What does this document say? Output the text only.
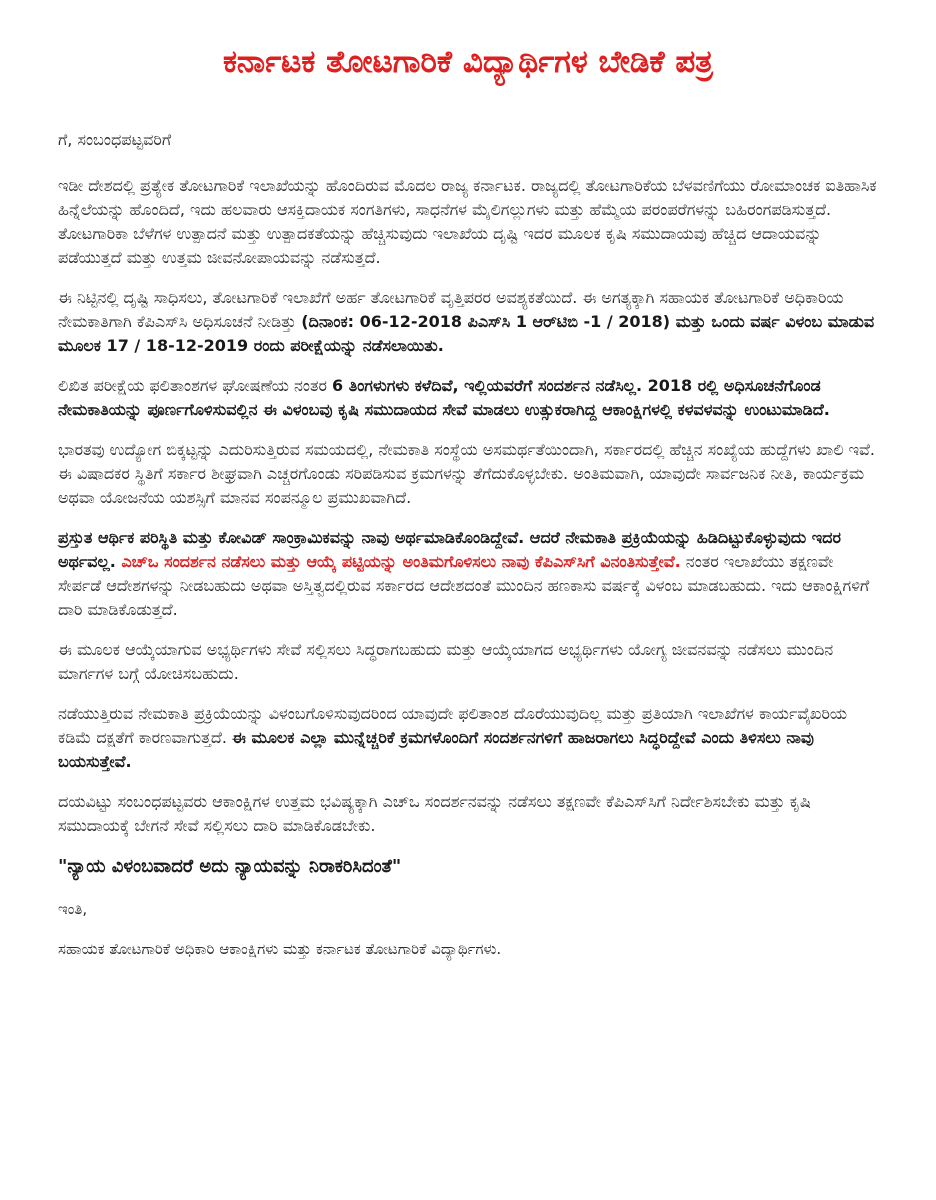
ಕರ್ನಾಟಕ ತೋಟಗಾರಿಕೆ ವಿದ್ಯಾರ್ಥಿಗಳ ಬೇಡಿಕೆ ಪತ್ರ
ಗೆ, ಸಂಬಂಧಪಟ್ಟವರಿಗೆ

ಇಡೀ ದೇಶದಲ್ಲಿ ಪ್ರತ್ಯೇಕ ತೋಟಗಾರಿಕೆ ಇಲಾಖೆಯನ್ನು ಹೊಂದಿರುವ ಮೊದಲ ರಾಜ್ಯ ಕರ್ನಾಟಕ. ರಾಜ್ಯದಲ್ಲಿ ತೋಟಗಾರಿಕೆಯ ಬೆಳವಣಿಗೆಯು ರೋಮಾಂಚಕ ಐತಿಹಾಸಿಕ ಹಿನ್ನೆಲೆಯನ್ನು ಹೊಂದಿದೆ, ಇದು ಹಲವಾರು ಆಸಕ್ತಿದಾಯಕ ಸಂಗತಿಗಳು, ಸಾಧನೆಗಳ ಮೈಲಿಗಲ್ಲುಗಳು ಮತ್ತು ಹೆಮ್ಮೆಯ ಪರಂಪರೆಗಳನ್ನು ಬಹಿರಂಗಪಡಿಸುತ್ತದೆ. ತೋಟಗಾರಿಕಾ ಬೆಳೆಗಳ ಉತ್ಪಾದನೆ ಮತ್ತು ಉತ್ಪಾದಕತೆಯನ್ನು ಹೆಚ್ಚಿಸುವುದು ಇಲಾಖೆಯ ದೃಷ್ಟಿ ಇದರ ಮೂಲಕ ಕೃಷಿ ಸಮುದಾಯವು ಹೆಚ್ಚಿದ ಆದಾಯವನ್ನು ಪಡೆಯುತ್ತದೆ ಮತ್ತು ಉತ್ತಮ ಜೀವನೋಪಾಯವನ್ನು ನಡೆಸುತ್ತದೆ.

ಈ ನಿಟ್ಟಿನಲ್ಲಿ ದೃಷ್ಟಿ ಸಾಧಿಸಲು, ತೋಟಗಾರಿಕೆ ಇಲಾಖೆಗೆ ಅರ್ಹ ತೋಟಗಾರಿಕೆ ವೃತ್ತಿಪರರ ಅವಶ್ಯಕತೆಯಿದೆ. ಈ ಅಗತ್ಯಕ್ಕಾಗಿ ಸಹಾಯಕ ತೋಟಗಾರಿಕೆ ಅಧಿಕಾರಿಯ ನೇಮಕಾತಿಗಾಗಿ ಕೆಪಿಎಸ್‌ಸಿ ಅಧಿಸೂಚನೆ ನೀಡಿತ್ತು (ದಿನಾಂಕ: 06-12-2018 ಪಿಎಸ್‌ಸಿ 1 ಆರ್‌ಟಿಬಿ -1 / 2018) ಮತ್ತು ಒಂದು ವರ್ಷ ವಿಳಂಬ ಮಾಡುವ ಮೂಲಕ 17 / 18-12-2019 ರಂದು ಪರೀಕ್ಷೆಯನ್ನು ನಡೆಸಲಾಯಿತು.

ಲಿಖಿತ ಪರೀಕ್ಷೆಯ ಫಲಿತಾಂಶಗಳ ಘೋಷಣೆಯ ನಂತರ 6 ತಿಂಗಳುಗಳು ಕಳೆದಿವೆ, ಇಲ್ಲಿಯವರೆಗೆ ಸಂದರ್ಶನ ನಡೆಸಿಲ್ಲ. 2018 ರಲ್ಲಿ ಅಧಿಸೂಚನೆಗೊಂಡ ನೇಮಕಾತಿಯನ್ನು ಪೂರ್ಣಗೊಳಿಸುವಲ್ಲಿನ ಈ ವಿಳಂಬವು ಕೃಷಿ ಸಮುದಾಯದ ಸೇವೆ ಮಾಡಲು ಉತ್ಸುಕರಾಗಿದ್ದ ಆಕಾಂಕ್ಷಿಗಳಲ್ಲಿ ಕಳವಳವನ್ನು ಉಂಟುಮಾಡಿದೆ.

ಭಾರತವು ಉದ್ಯೋಗ ಬಿಕ್ಕಟ್ಟನ್ನು ಎದುರಿಸುತ್ತಿರುವ ಸಮಯದಲ್ಲಿ, ನೇಮಕಾತಿ ಸಂಸ್ಥೆಯ ಅಸಮರ್ಥತೆಯಿಂದಾಗಿ, ಸರ್ಕಾರದಲ್ಲಿ ಹೆಚ್ಚಿನ ಸಂಖ್ಯೆಯ ಹುದ್ದೆಗಳು ಖಾಲಿ ಇವೆ. ಈ ವಿಷಾದಕರ ಸ್ಥಿತಿಗೆ ಸರ್ಕಾರ ಶೀಘ್ರವಾಗಿ ಎಚ್ಚರಗೊಂಡು ಸರಿಪಡಿಸುವ ಕ್ರಮಗಳನ್ನು ತೆಗೆದುಕೊಳ್ಳಬೇಕು. ಅಂತಿಮವಾಗಿ, ಯಾವುದೇ ಸಾರ್ವಜನಿಕ ನೀತಿ, ಕಾರ್ಯಕ್ರಮ ಅಥವಾ ಯೋಜನೆಯ ಯಶಸ್ಸಿಗೆ ಮಾನವ ಸಂಪನ್ಮೂಲ ಪ್ರಮುಖವಾಗಿದೆ.

ಪ್ರಸ್ತುತ ಆರ್ಥಿಕ ಪರಿಸ್ಥಿತಿ ಮತ್ತು ಕೋವಿಡ್ ಸಾಂಕ್ರಾಮಿಕವನ್ನು ನಾವು ಅರ್ಥಮಾಡಿಕೊಂಡಿದ್ದೇವೆ. ಆದರೆ ನೇಮಕಾತಿ ಪ್ರಕ್ರಿಯೆಯನ್ನು ಹಿಡಿದಿಟ್ಟುಕೊಳ್ಳುವುದು ಇದರ ಅರ್ಥವಲ್ಲ. ಎಚ್‌ಒ ಸಂದರ್ಶನ ನಡೆಸಲು ಮತ್ತು ಆಯ್ಕೆ ಪಟ್ಟಿಯನ್ನು ಅಂತಿಮಗೊಳಿಸಲು ನಾವು ಕೆಪಿಎಸ್‌ಸಿಗೆ ವಿನಂತಿಸುತ್ತೇವೆ. ನಂತರ ಇಲಾಖೆಯು ತಕ್ಷಣವೇ ಸೇರ್ಪಡೆ ಆದೇಶಗಳನ್ನು ನೀಡಬಹುದು ಅಥವಾ ಅಸ್ತಿತ್ವದಲ್ಲಿರುವ ಸರ್ಕಾರದ ಆದೇಶದಂತೆ ಮುಂದಿನ ಹಣಕಾಸು ವರ್ಷಕ್ಕೆ ವಿಳಂಬ ಮಾಡಬಹುದು. ಇದು ಆಕಾಂಕ್ಷಿಗಳಿಗೆ ದಾರಿ ಮಾಡಿಕೊಡುತ್ತದೆ.

ಈ ಮೂಲಕ ಆಯ್ಕೆಯಾಗುವ ಅಭ್ಯರ್ಥಿಗಳು ಸೇವೆ ಸಲ್ಲಿಸಲು ಸಿದ್ಧರಾಗಬಹುದು ಮತ್ತು ಆಯ್ಕೆಯಾಗದ ಅಭ್ಯರ್ಥಿಗಳು ಯೋಗ್ಯ ಜೀವನವನ್ನು ನಡೆಸಲು ಮುಂದಿನ ಮಾರ್ಗಗಳ ಬಗ್ಗೆ ಯೋಚಿಸಬಹುದು.

ನಡೆಯುತ್ತಿರುವ ನೇಮಕಾತಿ ಪ್ರಕ್ರಿಯೆಯನ್ನು ವಿಳಂಬಗೊಳಿಸುವುದರಿಂದ ಯಾವುದೇ ಫಲಿತಾಂಶ ದೊರೆಯುವುದಿಲ್ಲ ಮತ್ತು ಪ್ರತಿಯಾಗಿ ಇಲಾಖೆಗಳ ಕಾರ್ಯವೈಖರಿಯ ಕಡಿಮೆ ದಕ್ಷತೆಗೆ ಕಾರಣವಾಗುತ್ತದೆ. ಈ ಮೂಲಕ ಎಲ್ಲಾ ಮುನ್ನೆಚ್ಚರಿಕೆ ಕ್ರಮಗಳೊಂದಿಗೆ ಸಂದರ್ಶನಗಳಿಗೆ ಹಾಜರಾಗಲು ಸಿದ್ಧರಿದ್ದೇವೆ ಎಂದು ತಿಳಿಸಲು ನಾವು ಬಯಸುತ್ತೇವೆ.

ದಯವಿಟ್ಟು ಸಂಬಂಧಪಟ್ಟವರು ಆಕಾಂಕ್ಷಿಗಳ ಉತ್ತಮ ಭವಿಷ್ಯಕ್ಕಾಗಿ ಎಚ್‌ಒ ಸಂದರ್ಶನವನ್ನು ನಡೆಸಲು ತಕ್ಷಣವೇ ಕೆಪಿಎಸ್‌ಸಿಗೆ ನಿರ್ದೇಶಿಸಬೇಕು ಮತ್ತು ಕೃಷಿ ಸಮುದಾಯಕ್ಕೆ ಬೇಗನೆ ಸೇವೆ ಸಲ್ಲಿಸಲು ದಾರಿ ಮಾಡಿಕೊಡಬೇಕು.

"ನ್ಯಾಯ ವಿಳಂಬವಾದರೆ ಅದು ನ್ಯಾಯವನ್ನು ನಿರಾಕರಿಸಿದಂತೆ"
ಇಂತಿ,
ಸಹಾಯಕ ತೋಟಗಾರಿಕೆ ಅಧಿಕಾರಿ ಆಕಾಂಕ್ಷಿಗಳು ಮತ್ತು ಕರ್ನಾಟಕ ತೋಟಗಾರಿಕೆ ವಿದ್ಯಾರ್ಥಿಗಳು.
